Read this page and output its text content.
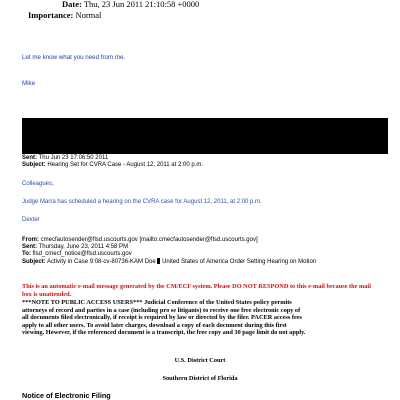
Date: Thu, 23 Jun 2011 21:10:58 +0000
Importance: Normal
Let me know what you need from me.
Mike
Sent: Thu Jun 23 17:06:50 2011
Subject: Hearing Set for CVRA Case - August 12, 2011 at 2:00 p.m.
Colleagues,
Judge Marra has scheduled a hearing on the CVRA case for August 12, 2011, at 2:00 p.m.
Dexter
From: cmecfautosender@flsd.uscourts.gov [mailto:cmecfautosender@flsd.uscourts.gov]
Sent: Thursday, June 23, 2011 4:58 PM
To: flsd_cmecf_notice@flsd.uscourts.gov
Subject: Activity in Case 9:08-cv-80736-KAM Doe United States of America Order Setting Hearing on Motion
This is an automatic e-mail message generated by the CM/ECF system. Please DO NOT RESPOND to this e-mail because the mail box is unattended.
***NOTE TO PUBLIC ACCESS USERS*** Judicial Conference of the United States policy permits
attorneys of record and parties in a case (including pro se litigants) to receive one free electronic copy of
all documents filed electronically, if receipt is required by law or directed by the filer. PACER access fees
apply to all other users. To avoid later charges, download a copy of each document during this first
viewing. However, if the referenced document is a transcript, the free copy and 30 page limit do not apply.
U.S. District Court
Southern District of Florida
Notice of Electronic Filing
